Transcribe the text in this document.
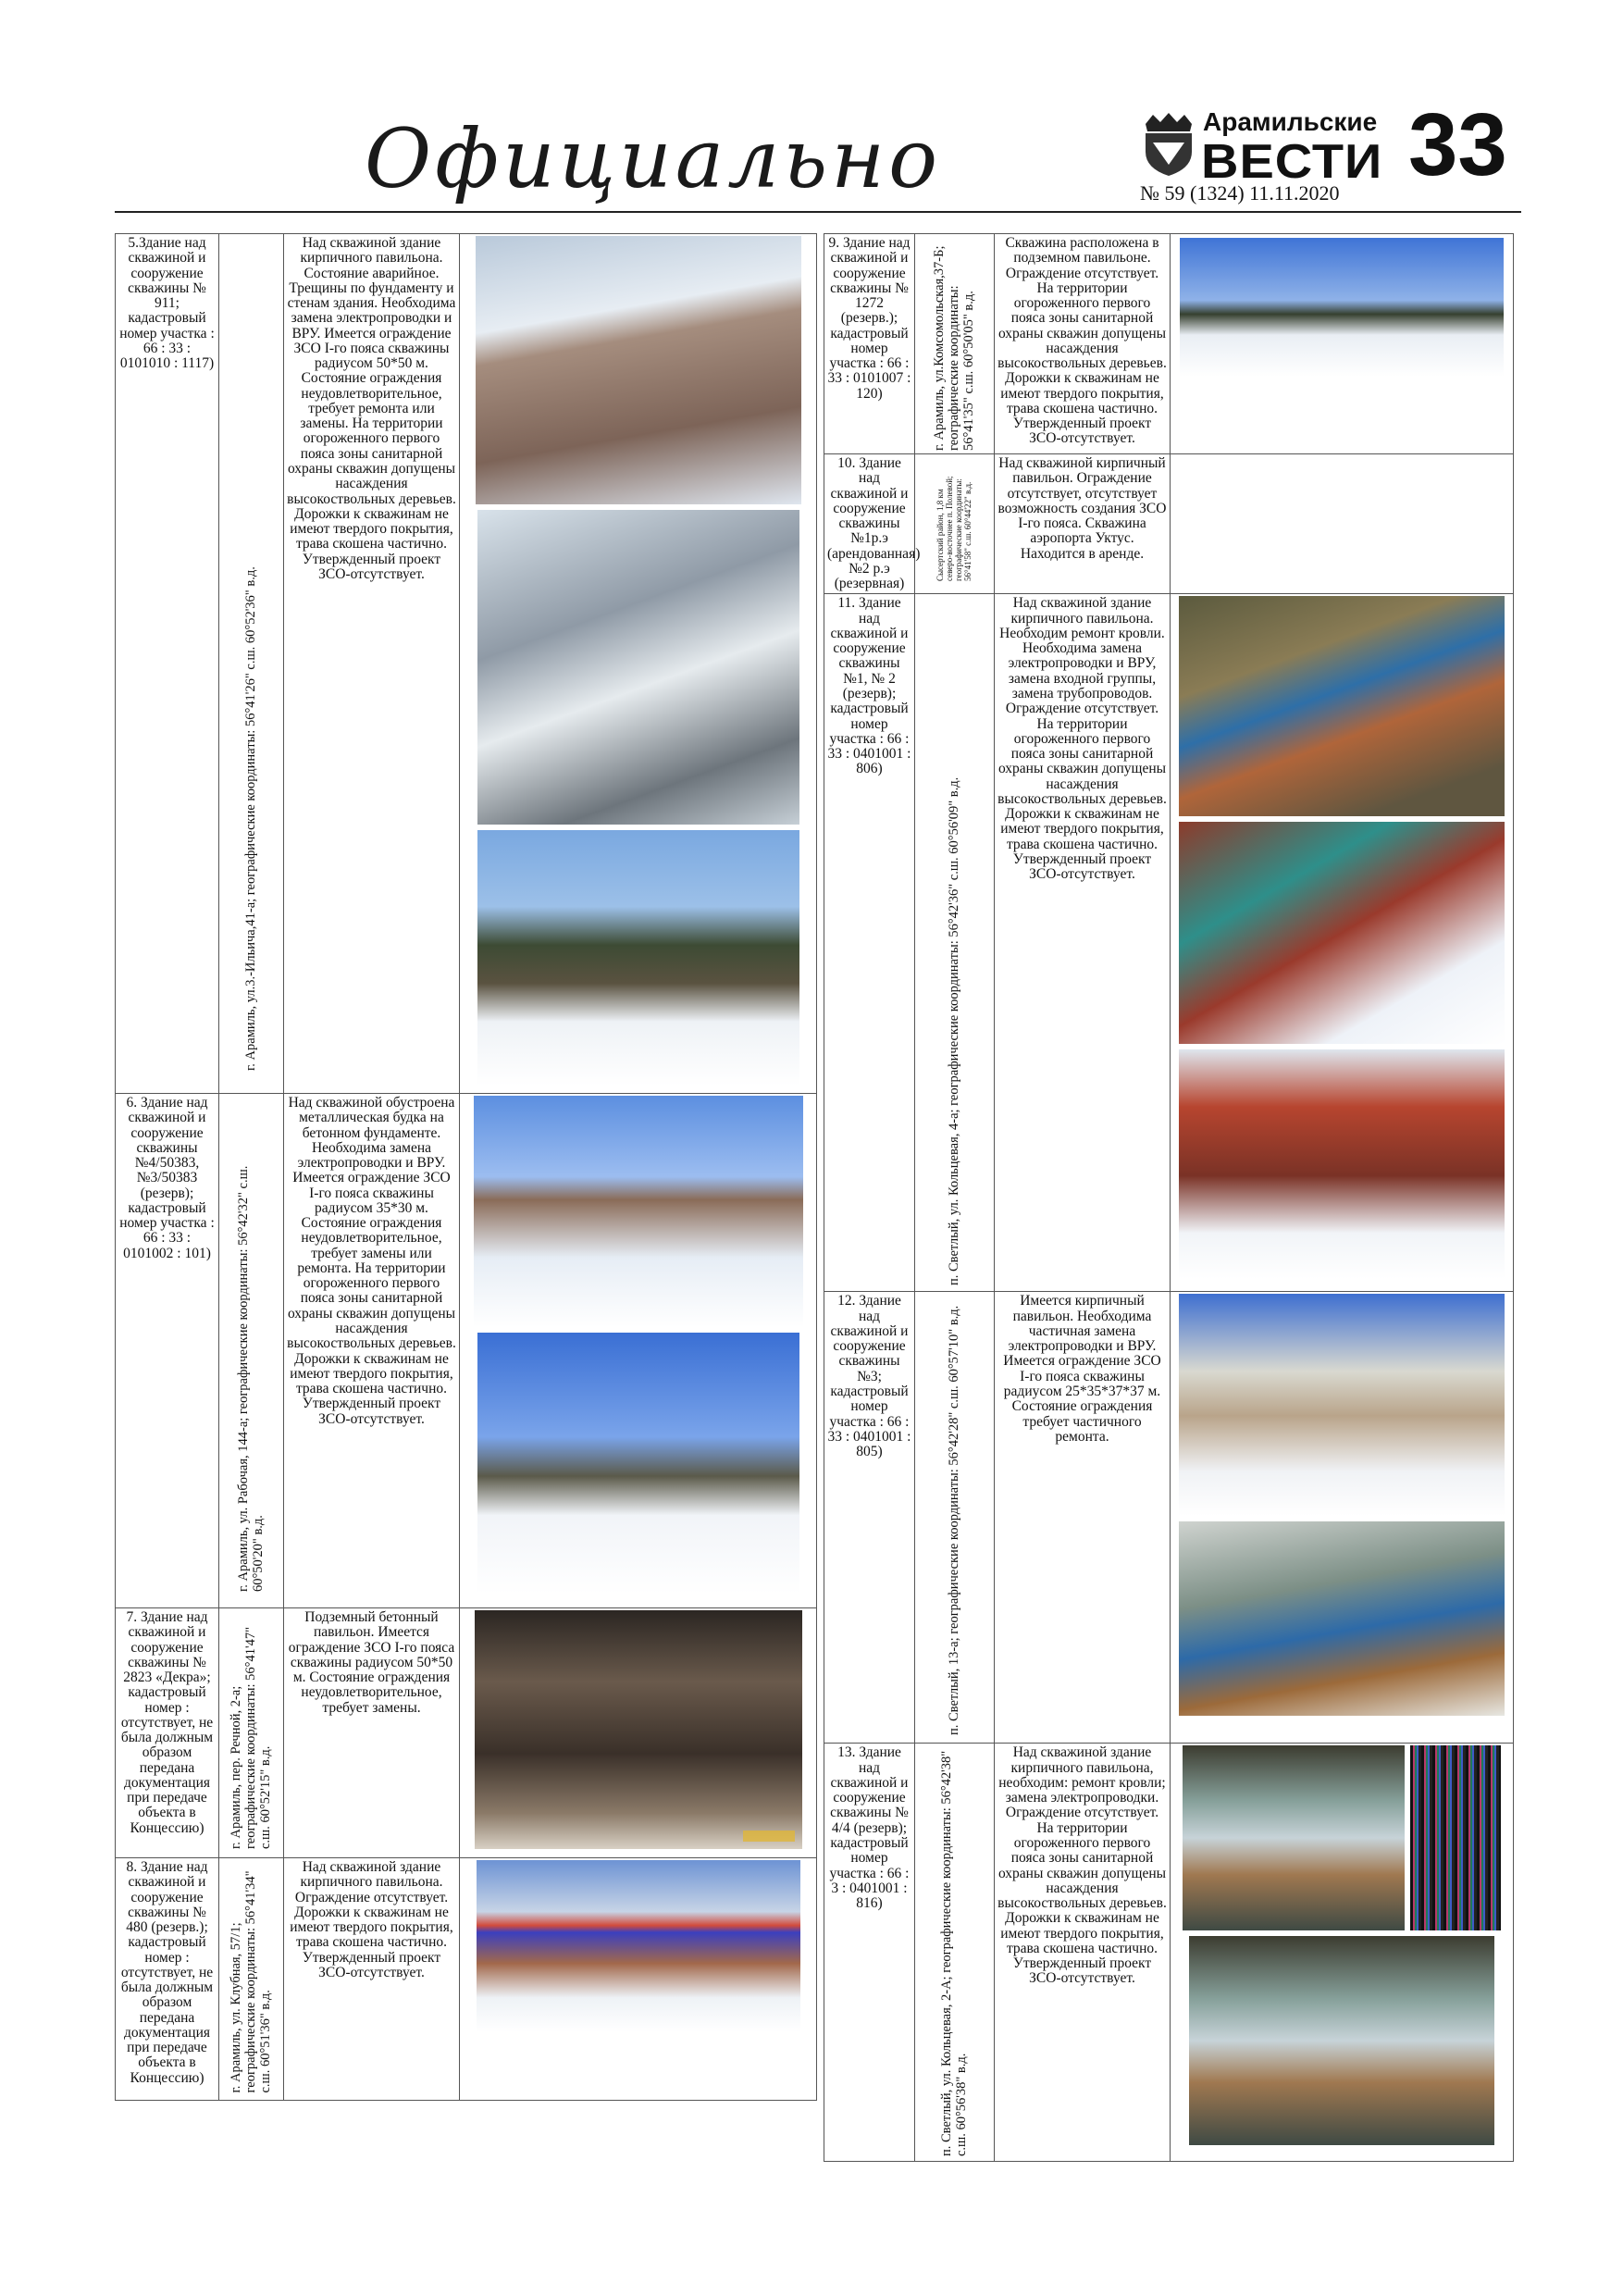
Официально	Арамильские
ВЕСТИ
№ 59 (1324) 11.11.2020 33
5.Здание над скважиной и сооружение скважины № 911; кадастровый номер участка : 66 : 33 : 0101010 : 1117)	г. Арамиль, ул.3.-Ильича,41-а; географические координаты: 56°41'26" с.ш. 60°52'36" в.д.	Над скважиной здание кирпичного павильона. Состояние аварийное. Трещины по фундаменту и стенам здания. Необходима замена электропроводки и ВРУ. Имеется ограждение ЗСО I-го пояса скважины радиусом 50*50 м. Состояние ограждения неудовлетворительное, требует ремонта или замены. На территории огороженного первого пояса зоны санитарной охраны скважин допущены насаждения высокоствольных деревьев. Дорожки к скважинам не имеют твердого покрытия, трава скошена частично. Утвержденный проект ЗСО-отсутствует.	

6. Здание над скважиной и сооружение скважины №4/50383, №3/50383 (резерв); кадастровый номер участка : 66 : 33 : 0101002 : 101)	г. Арамиль, ул. Рабочая, 144-а; географические координаты: 56°42'32" с.ш. 60°50'20" в.д.	Над скважиной обустроена металлическая будка на бетонном фундаменте. Необходима замена электропроводки и ВРУ. Имеется ограждение ЗСО I-го пояса скважины радиусом 35*30 м. Состояние ограждения неудовлетворительное, требует замены или ремонта. На территории огороженного первого пояса зоны санитарной охраны скважин допущены насаждения высокоствольных деревьев. Дорожки к скважинам не имеют твердого покрытия, трава скошена частично. Утвержденный проект ЗСО-отсутствует.	

7. Здание над скважиной и сооружение скважины № 2823 «Декра»; кадастровый номер : отсутствует, не была должным образом передана документация при передаче объекта в Концессию)	г. Арамиль, пер. Речной, 2-а; географические координаты: 56°41'47" с.ш. 60°52'15" в.д.	Подземный бетонный павильон. Имеется ограждение ЗСО I-го пояса скважины радиусом 50*50 м. Состояние ограждения неудовлетворительное, требует замены.	

8. Здание над скважиной и сооружение скважины № 480 (резерв.); кадастровый номер : отсутствует, не была должным образом передана документация при передаче объекта в Концессию)	г. Арамиль, ул. Клубная, 57/1; географические координаты: 56°41'34" с.ш. 60°51'36" в.д.	Над скважиной здание кирпичного павильона. Ограждение отсутствует. Дорожки к скважинам не имеют твердого покрытия, трава скошена частично. Утвержденный проект ЗСО-отсутствует.	
9. Здание над скважиной и сооружение скважины № 1272 (резерв.); кадастровый номер участка : 66 : 33 : 0101007 : 120)	г. Арамиль, ул.Комсомольская,37-Б; географические координаты: 56°41'35" с.ш. 60°50'05" в.д.	Скважина расположена в подземном павильоне. Ограждение отсутствует. На территории огороженного первого пояса зоны санитарной охраны скважин допущены насаждения высокоствольных деревьев. Дорожки к скважинам не имеют твердого покрытия, трава скошена частично. Утвержденный проект ЗСО-отсутствует.	

10. Здание над скважиной и сооружение скважины №1р.э (арендованная) №2 р.э (резервная)	Сысертский район, 1,8 км северо-восточнее п. Полевой; географические координаты: 56°41'58" с.ш. 60°44'22" в.д.	Над скважиной кирпичный павильон. Ограждение отсутствует, отсутствует возможность создания ЗСО I-го пояса. Скважина аэропорта Уктус. Находится в аренде.	
11. Здание над скважиной и сооружение скважины №1, № 2 (резерв); кадастровый номер участка : 66 : 33 : 0401001 : 806)	п. Светлый, ул. Кольцевая, 4-а; географические координаты: 56°42'36" с.ш. 60°56'09" в.д.	Над скважиной здание кирпичного павильона. Необходим ремонт кровли. Необходима замена электропроводки и ВРУ, замена входной группы, замена трубопроводов. Ограждение отсутствует. На территории огороженного первого пояса зоны санитарной охраны скважин допущены насаждения высокоствольных деревьев. Дорожки к скважинам не имеют твердого покрытия, трава скошена частично. Утвержденный проект ЗСО-отсутствует.	

12. Здание над скважиной и сооружение скважины №3; кадастровый номер участка : 66 : 33 : 0401001 : 805)	п. Светлый, 13-а; географические координаты: 56°42'28" с.ш. 60°57'10" в.д.	Имеется кирпичный павильон. Необходима частичная замена электропроводки и ВРУ. Имеется ограждение ЗСО I-го пояса скважины радиусом 25*35*37*37 м. Состояние ограждения требует частичного ремонта.	

13. Здание над скважиной и сооружение скважины № 4/4 (резерв); кадастровый номер участка : 66 : 3 : 0401001 : 816)	п. Светлый, ул. Кольцевая, 2-А; географические координаты: 56°42'38" с.ш. 60°56'38" в.д.	Над скважиной здание кирпичного павильона, необходим: ремонт кровли; замена электропроводки. Ограждение отсутствует. На территории огороженного первого пояса зоны санитарной охраны скважин допущены насаждения высокоствольных деревьев. Дорожки к скважинам не имеют твердого покрытия, трава скошена частично. Утвержденный проект ЗСО-отсутствует.	
